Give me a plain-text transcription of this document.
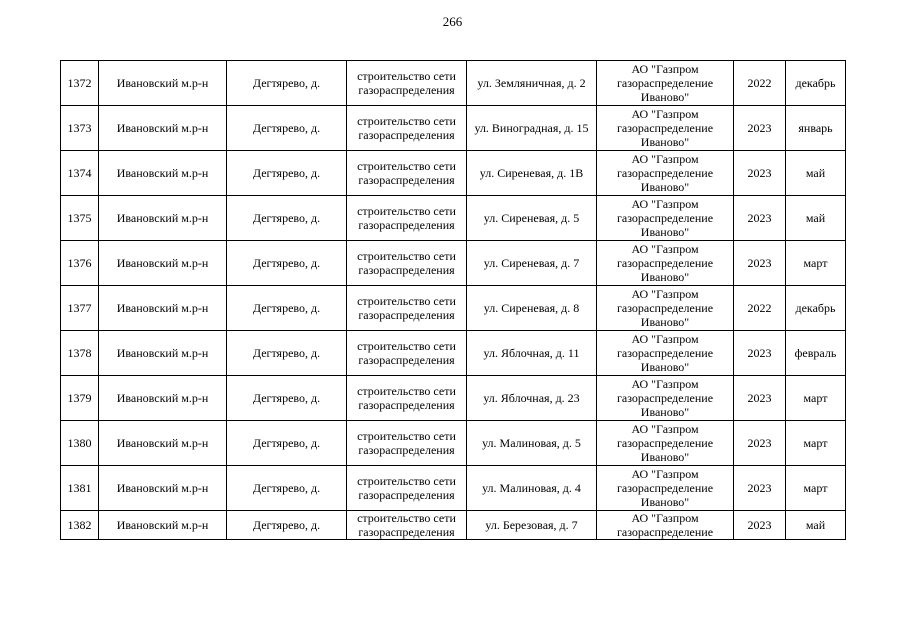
266
1372	Ивановский м.р-н	Дегтярево, д.	строительство сети газораспределения	ул. Земляничная, д. 2	АО "Газпром газораспределение Иваново"	2022	декабрь
1373	Ивановский м.р-н	Дегтярево, д.	строительство сети газораспределения	ул. Виноградная, д. 15	АО "Газпром газораспределение Иваново"	2023	январь
1374	Ивановский м.р-н	Дегтярево, д.	строительство сети газораспределения	ул. Сиреневая, д. 1В	АО "Газпром газораспределение Иваново"	2023	май
1375	Ивановский м.р-н	Дегтярево, д.	строительство сети газораспределения	ул. Сиреневая, д. 5	АО "Газпром газораспределение Иваново"	2023	май
1376	Ивановский м.р-н	Дегтярево, д.	строительство сети газораспределения	ул. Сиреневая, д. 7	АО "Газпром газораспределение Иваново"	2023	март
1377	Ивановский м.р-н	Дегтярево, д.	строительство сети газораспределения	ул. Сиреневая, д. 8	АО "Газпром газораспределение Иваново"	2022	декабрь
1378	Ивановский м.р-н	Дегтярево, д.	строительство сети газораспределения	ул. Яблочная, д. 11	АО "Газпром газораспределение Иваново"	2023	февраль
1379	Ивановский м.р-н	Дегтярево, д.	строительство сети газораспределения	ул. Яблочная, д. 23	АО "Газпром газораспределение Иваново"	2023	март
1380	Ивановский м.р-н	Дегтярево, д.	строительство сети газораспределения	ул. Малиновая, д. 5	АО "Газпром газораспределение Иваново"	2023	март
1381	Ивановский м.р-н	Дегтярево, д.	строительство сети газораспределения	ул. Малиновая, д. 4	АО "Газпром газораспределение Иваново"	2023	март
1382	Ивановский м.р-н	Дегтярево, д.	строительство сети газораспределения	ул. Березовая, д. 7	АО "Газпром газораспределение	2023	май
